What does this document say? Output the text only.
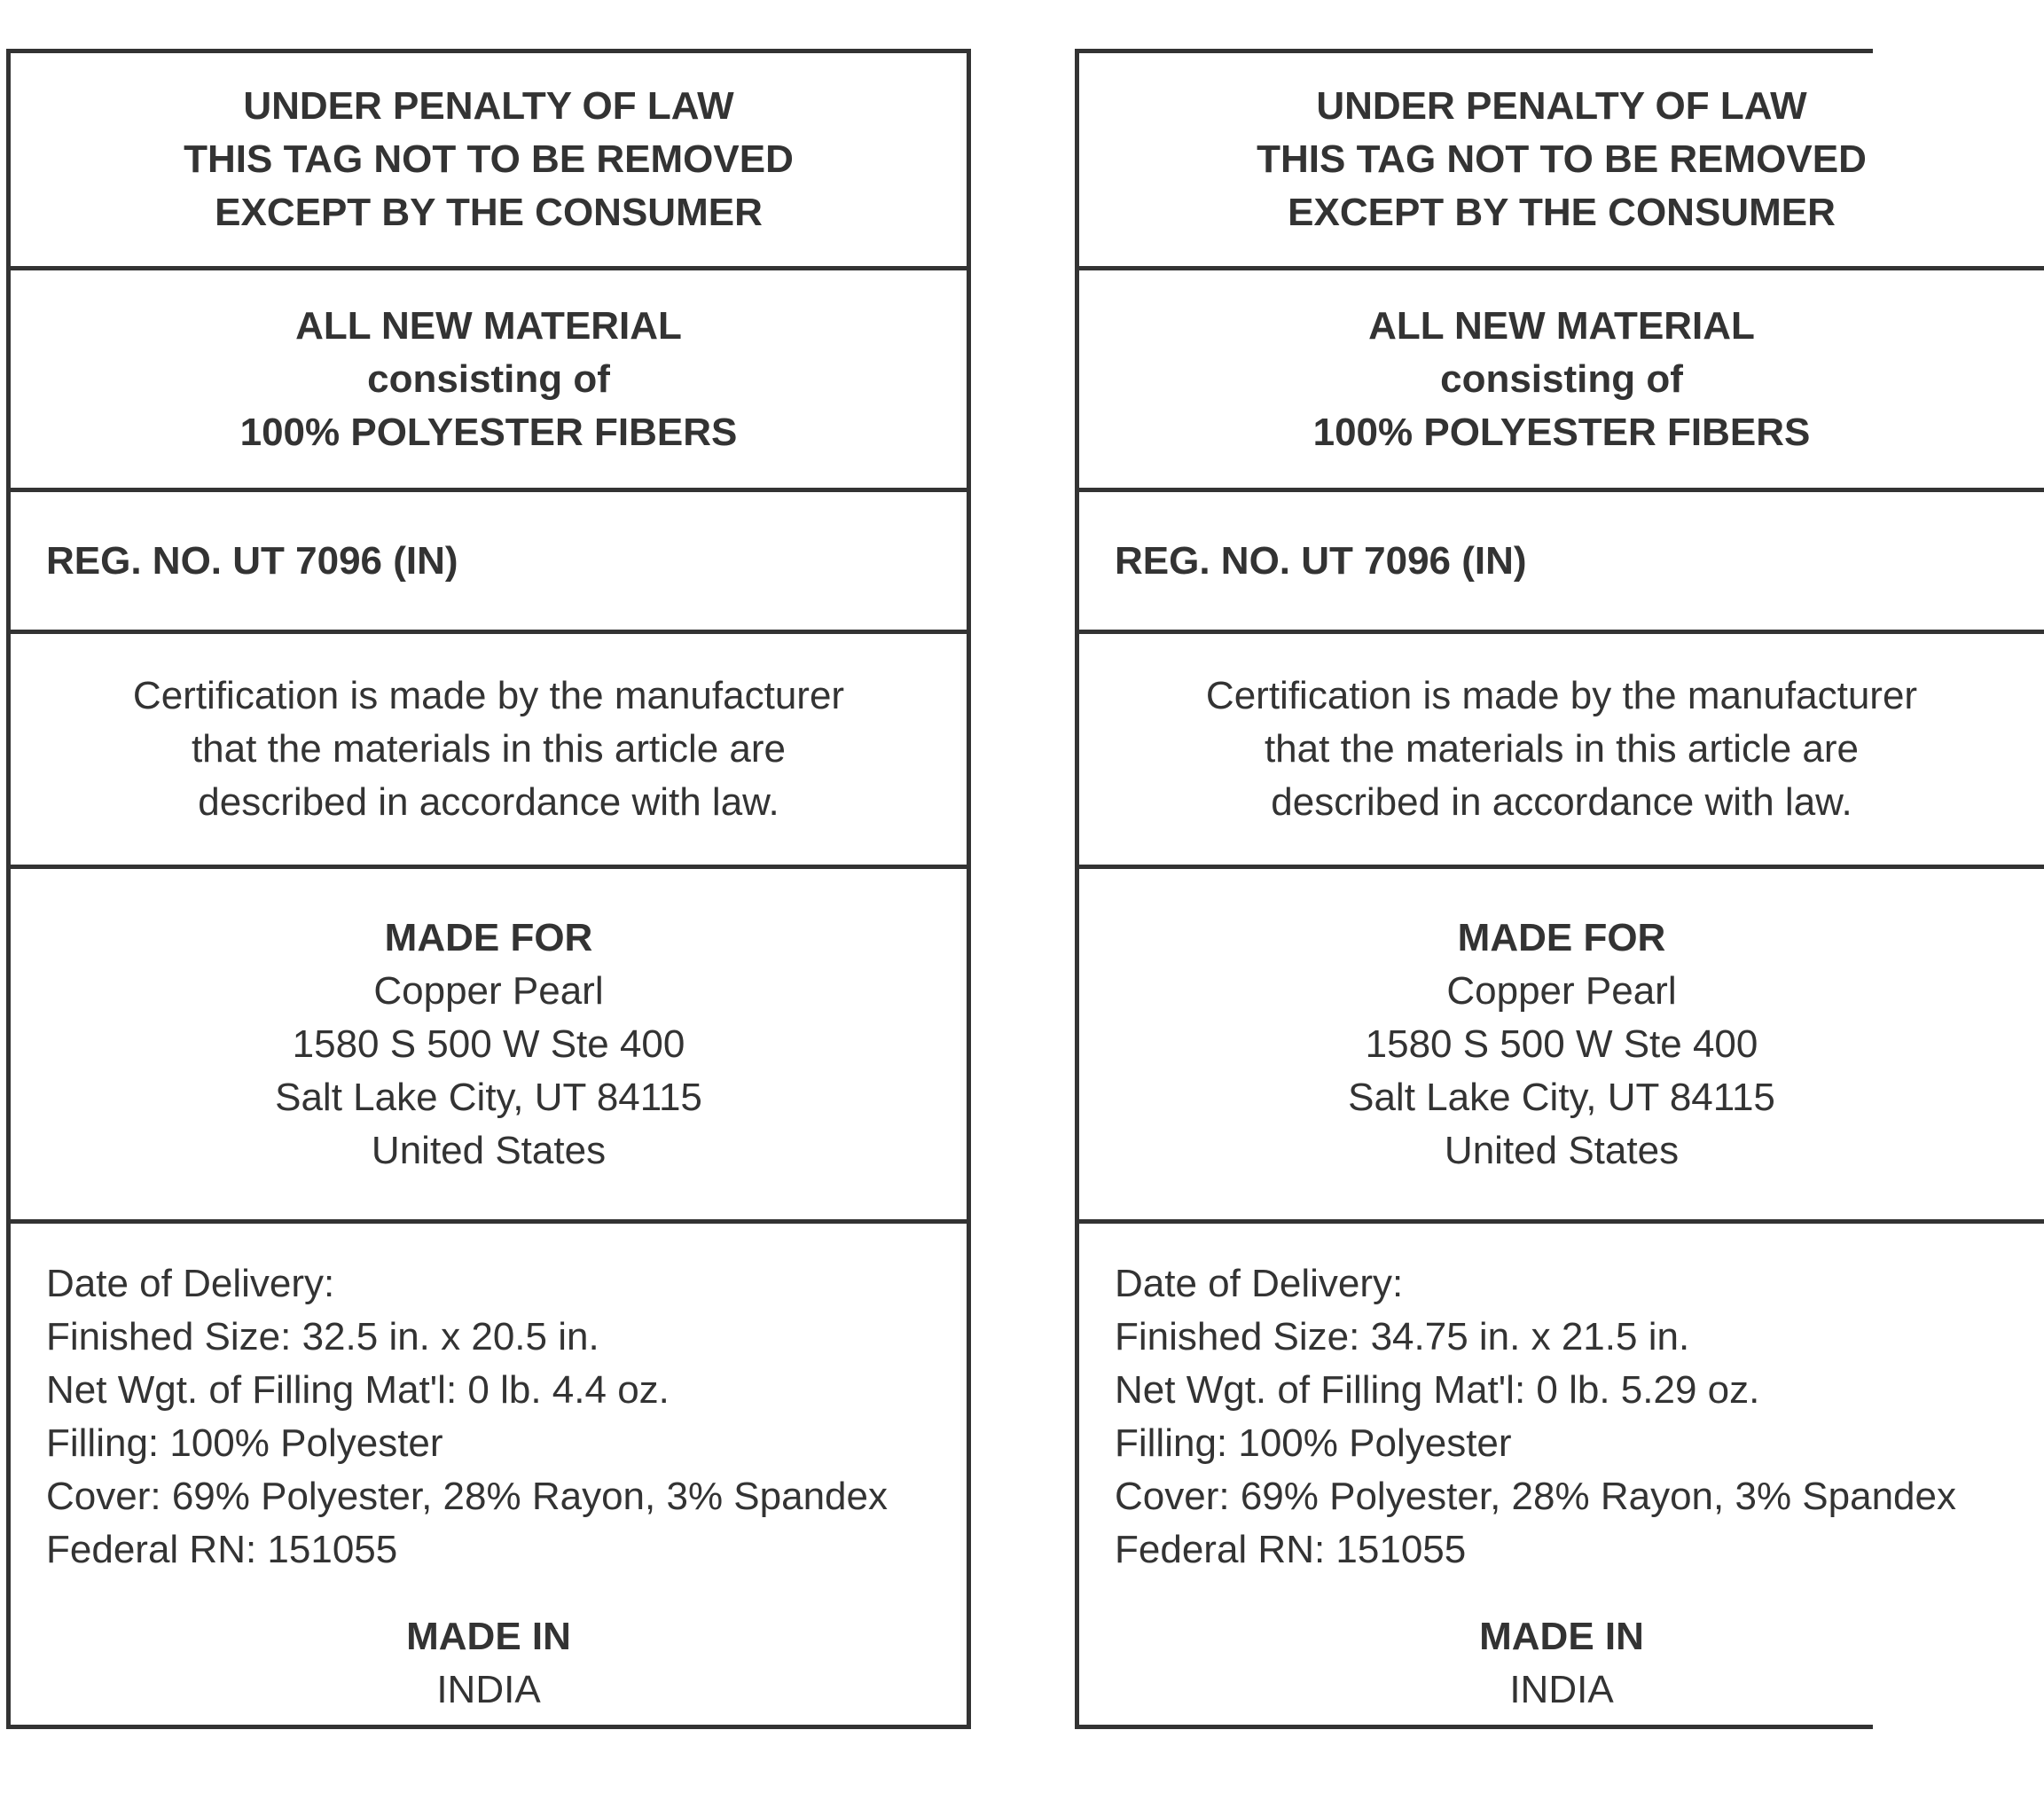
UNDER PENALTY OF LAW
THIS TAG NOT TO BE REMOVED
EXCEPT BY THE CONSUMER
ALL NEW MATERIAL
consisting of
100% POLYESTER FIBERS
REG. NO. UT 7096 (IN)
Certification is made by the manufacturer
that the materials in this article are
described in accordance with law.
MADE FOR
Copper Pearl
1580 S 500 W Ste 400
Salt Lake City, UT 84115
United States
Date of Delivery:
Finished Size: 32.5 in. x 20.5 in.
Net Wgt. of Filling Mat'l: 0 lb. 4.4 oz.
Filling: 100% Polyester
Cover: 69% Polyester, 28% Rayon, 3% Spandex
Federal RN: 151055
MADE IN
INDIA
UNDER PENALTY OF LAW
THIS TAG NOT TO BE REMOVED
EXCEPT BY THE CONSUMER
ALL NEW MATERIAL
consisting of
100% POLYESTER FIBERS
REG. NO. UT 7096 (IN)
Certification is made by the manufacturer
that the materials in this article are
described in accordance with law.
MADE FOR
Copper Pearl
1580 S 500 W Ste 400
Salt Lake City, UT 84115
United States
Date of Delivery:
Finished Size: 34.75 in. x 21.5 in.
Net Wgt. of Filling Mat'l: 0 lb. 5.29 oz.
Filling: 100% Polyester
Cover: 69% Polyester, 28% Rayon, 3% Spandex
Federal RN: 151055
MADE IN
INDIA
